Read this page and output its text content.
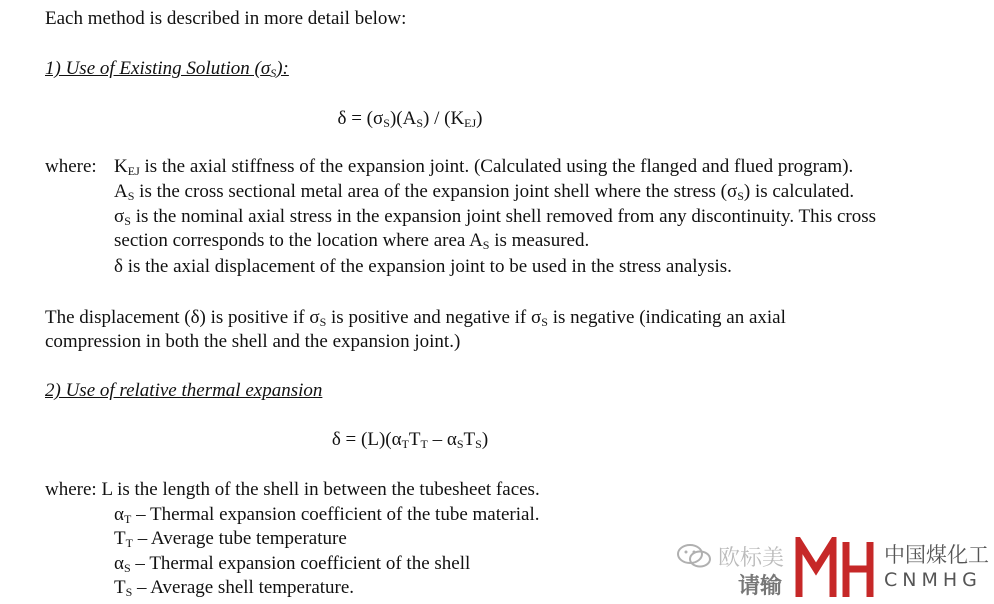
Each method is described in more detail below:
1) Use of Existing Solution $(\sigma_S)$:
$\delta = (\sigma_S)(A_S) / (K_{EJ})$
where: $K_{EJ}$ is the axial stiffness of the expansion joint. (Calculated using the flanged and flued program).
$A_S$ is the cross sectional metal area of the expansion joint shell where the stress $(\sigma_S)$ is calculated.
$\sigma_S$ is the nominal axial stress in the expansion joint shell removed from any discontinuity. This cross
section corresponds to the location where area $A_S$ is measured.
δ is the axial displacement of the expansion joint to be used in the stress analysis.
The displacement (δ) is positive if $\sigma_S$ is positive and negative if $\sigma_S$ is negative (indicating an axial
compression in both the shell and the expansion joint.)
2) Use of relative thermal expansion
$\delta = (L)(\alpha_TT_T - \alpha_ST_S)$
where: L is the length of the shell in between the tubesheet faces.
$\alpha_T$ – Thermal expansion coefficient of the tube material.
$T_T$ – Average tube temperature
$\alpha_S$ – Thermal expansion coefficient of the shell
$T_S$ – Average shell temperature.
欧标美
请输
中国煤化工
CNMHG
